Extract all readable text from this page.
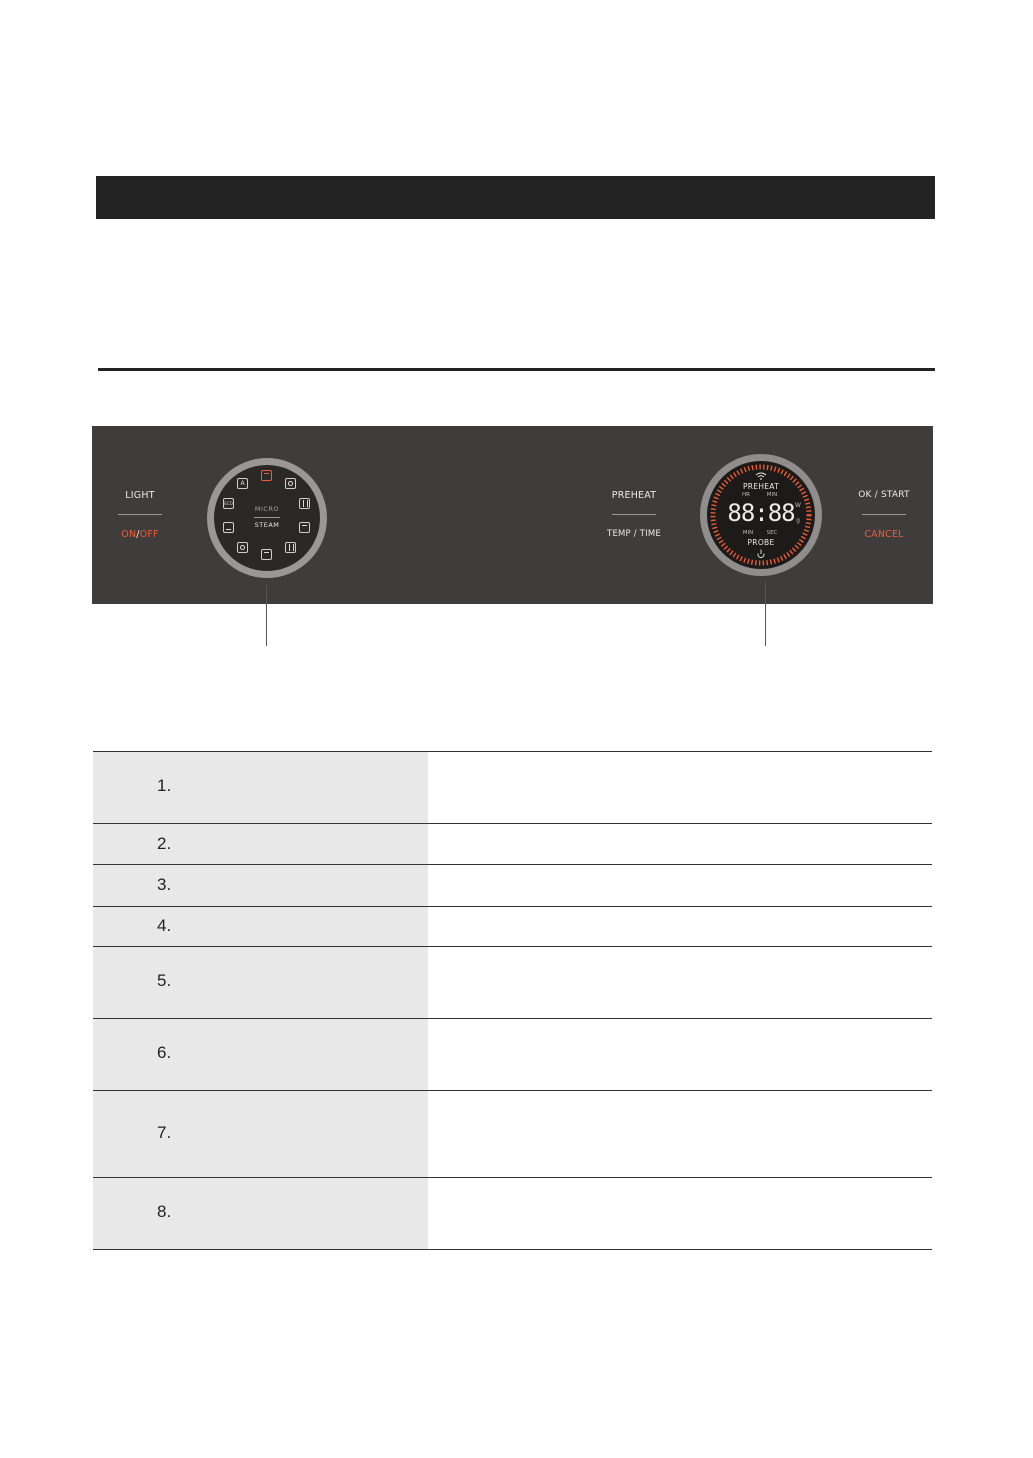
LIGHT
ON/OFF
A
ECO
MICRO
STEAM
PREHEAT
TEMP / TIME
PREHEAT
HR	MIN
88:88 W
g
MIN	SEC
PROBE
OK / START
CANCEL
1.
2.
3.
4.
5.
6.
7.
8.
